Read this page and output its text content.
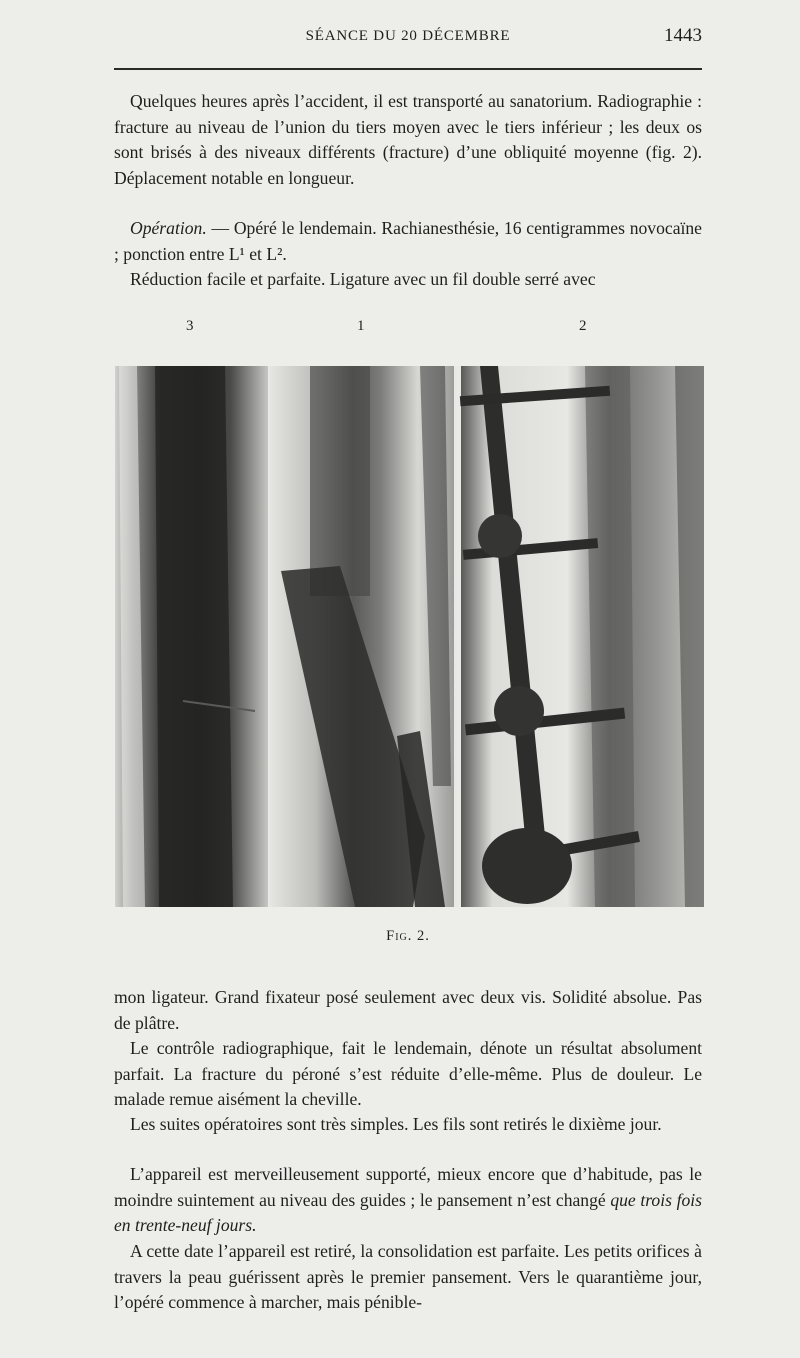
SÉANCE DU 20 DÉCEMBRE	1443

Quelques heures après l’accident, il est transporté au sanatorium. Radiographie : fracture au niveau de l’union du tiers moyen avec le tiers inférieur ; les deux os sont brisés à des niveaux différents (fracture) d’une obliquité moyenne (fig. 2). Déplacement notable en longueur.

Opération. — Opéré le lendemain. Rachianesthésie, 16 centigrammes novocaïne ; ponction entre L¹ et L².

Réduction facile et parfaite. Ligature avec un fil double serré avec

3	1	2
Fig. 2.

mon ligateur. Grand fixateur posé seulement avec deux vis. Solidité absolue. Pas de plâtre.

Le contrôle radiographique, fait le lendemain, dénote un résultat absolument parfait. La fracture du péroné s’est réduite d’elle-même. Plus de douleur. Le malade remue aisément la cheville.

Les suites opératoires sont très simples. Les fils sont retirés le dixième jour.

L’appareil est merveilleusement supporté, mieux encore que d’habitude, pas le moindre suintement au niveau des guides ; le pansement n’est changé que trois fois en trente-neuf jours.

A cette date l’appareil est retiré, la consolidation est parfaite. Les petits orifices à travers la peau guérissent après le premier pansement. Vers le quarantième jour, l’opéré commence à marcher, mais pénible-
